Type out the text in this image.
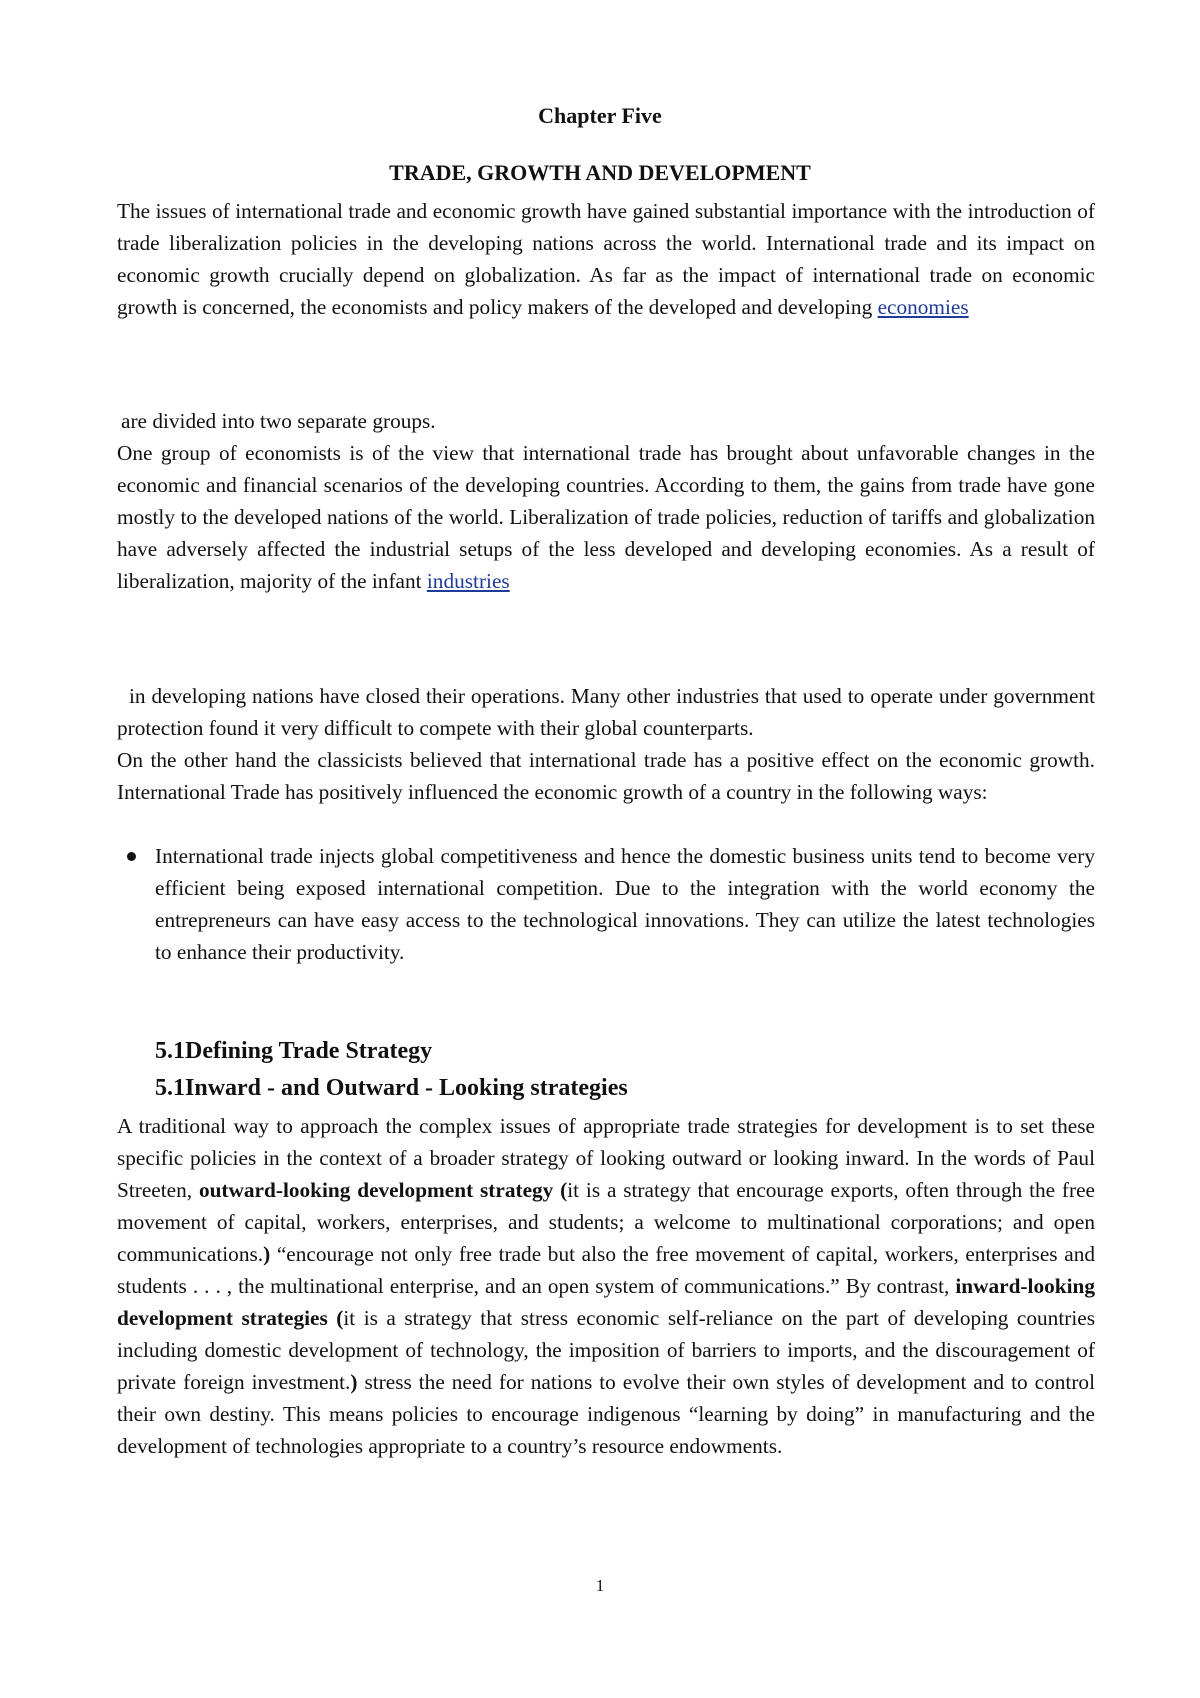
Chapter Five

TRADE, GROWTH AND DEVELOPMENT

The issues of international trade and economic growth have gained substantial importance with the introduction of trade liberalization policies in the developing nations across the world. International trade and its impact on economic growth crucially depend on globalization. As far as the impact of international trade on economic growth is concerned, the economists and policy makers of the developed and developing economies

are divided into two separate groups.

One group of economists is of the view that international trade has brought about unfavorable changes in the economic and financial scenarios of the developing countries. According to them, the gains from trade have gone mostly to the developed nations of the world. Liberalization of trade policies, reduction of tariffs and globalization have adversely affected the industrial setups of the less developed and developing economies. As a result of liberalization, majority of the infant industries

in developing nations have closed their operations. Many other industries that used to operate under government protection found it very difficult to compete with their global counterparts.

On the other hand the classicists believed that international trade has a positive effect on the economic growth. International Trade has positively influenced the economic growth of a country in the following ways:

International trade injects global competitiveness and hence the domestic business units tend to become very efficient being exposed international competition. Due to the integration with the world economy the entrepreneurs can have easy access to the technological innovations. They can utilize the latest technologies to enhance their productivity.

5.1Defining Trade Strategy

5.1Inward - and Outward - Looking strategies

A traditional way to approach the complex issues of appropriate trade strategies for development is to set these specific policies in the context of a broader strategy of looking outward or looking inward. In the words of Paul Streeten, outward-looking development strategy (it is a strategy that encourage exports, often through the free movement of capital, workers, enterprises, and students; a welcome to multinational corporations; and open communications.) “encourage not only free trade but also the free movement of capital, workers, enterprises and students . . . , the multinational enterprise, and an open system of communications.” By contrast, inward-looking development strategies (it is a strategy that stress economic self-reliance on the part of developing countries including domestic development of technology, the imposition of barriers to imports, and the discouragement of private foreign investment.) stress the need for nations to evolve their own styles of development and to control their own destiny. This means policies to encourage indigenous “learning by doing” in manufacturing and the development of technologies appropriate to a country’s resource endowments.

1
